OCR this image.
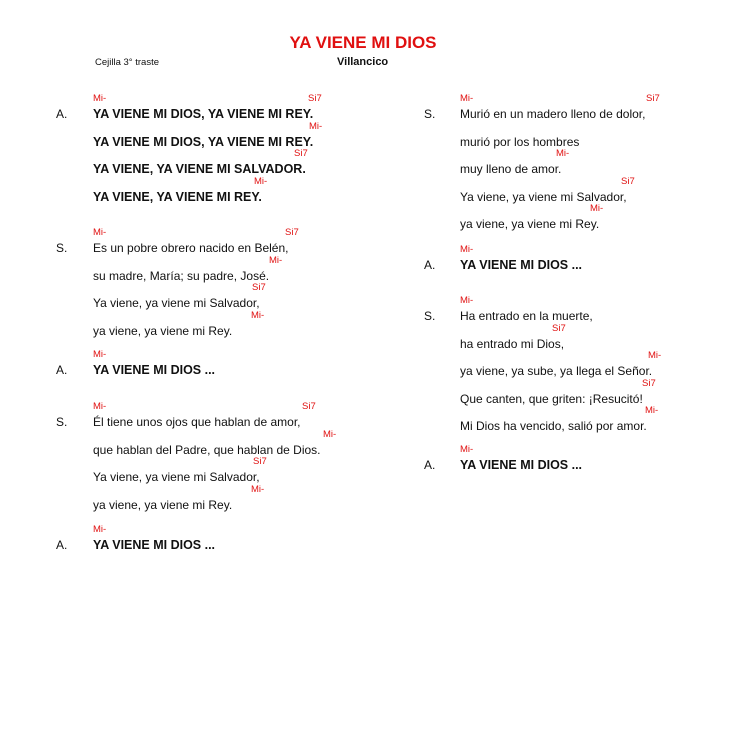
YA VIENE MI DIOS
Cejilla 3° traste	Villancico
A. YA VIENE MI DIOS, YA VIENE MI REY.
Mi-	Si7
YA VIENE MI DIOS, YA VIENE MI REY.
Mi-
YA VIENE, YA VIENE MI SALVADOR.
Si7
YA VIENE, YA VIENE MI REY.
Mi-
S. Es un pobre obrero nacido en Belén,
Mi-	Si7
su madre, María; su padre, José.
Mi-
Ya viene, ya viene mi Salvador,
Si7
ya viene, ya viene mi Rey.
Mi-
A. YA VIENE MI DIOS ...
Mi-
S. Él tiene unos ojos que hablan de amor,
Mi-	Si7
que hablan del Padre, que hablan de Dios.
Mi-
Ya viene, ya viene mi Salvador,
Si7
ya viene, ya viene mi Rey.
Mi-
A. YA VIENE MI DIOS ...
Mi-
S. Murió en un madero lleno de dolor,
Mi-	Si7
murió por los hombres
muy lleno de amor.
Mi-
Ya viene, ya viene mi Salvador,
Si7
ya viene, ya viene mi Rey.
Mi-
A. YA VIENE MI DIOS ...
Mi-
S. Ha entrado en la muerte,
Mi-
ha entrado mi Dios,
Si7
ya viene, ya sube, ya llega el Señor.
Mi-
Que canten, que griten: ¡Resucitó!
Si7
Mi Dios ha vencido, salió por amor.
Mi-
A. YA VIENE MI DIOS ...
Mi-
